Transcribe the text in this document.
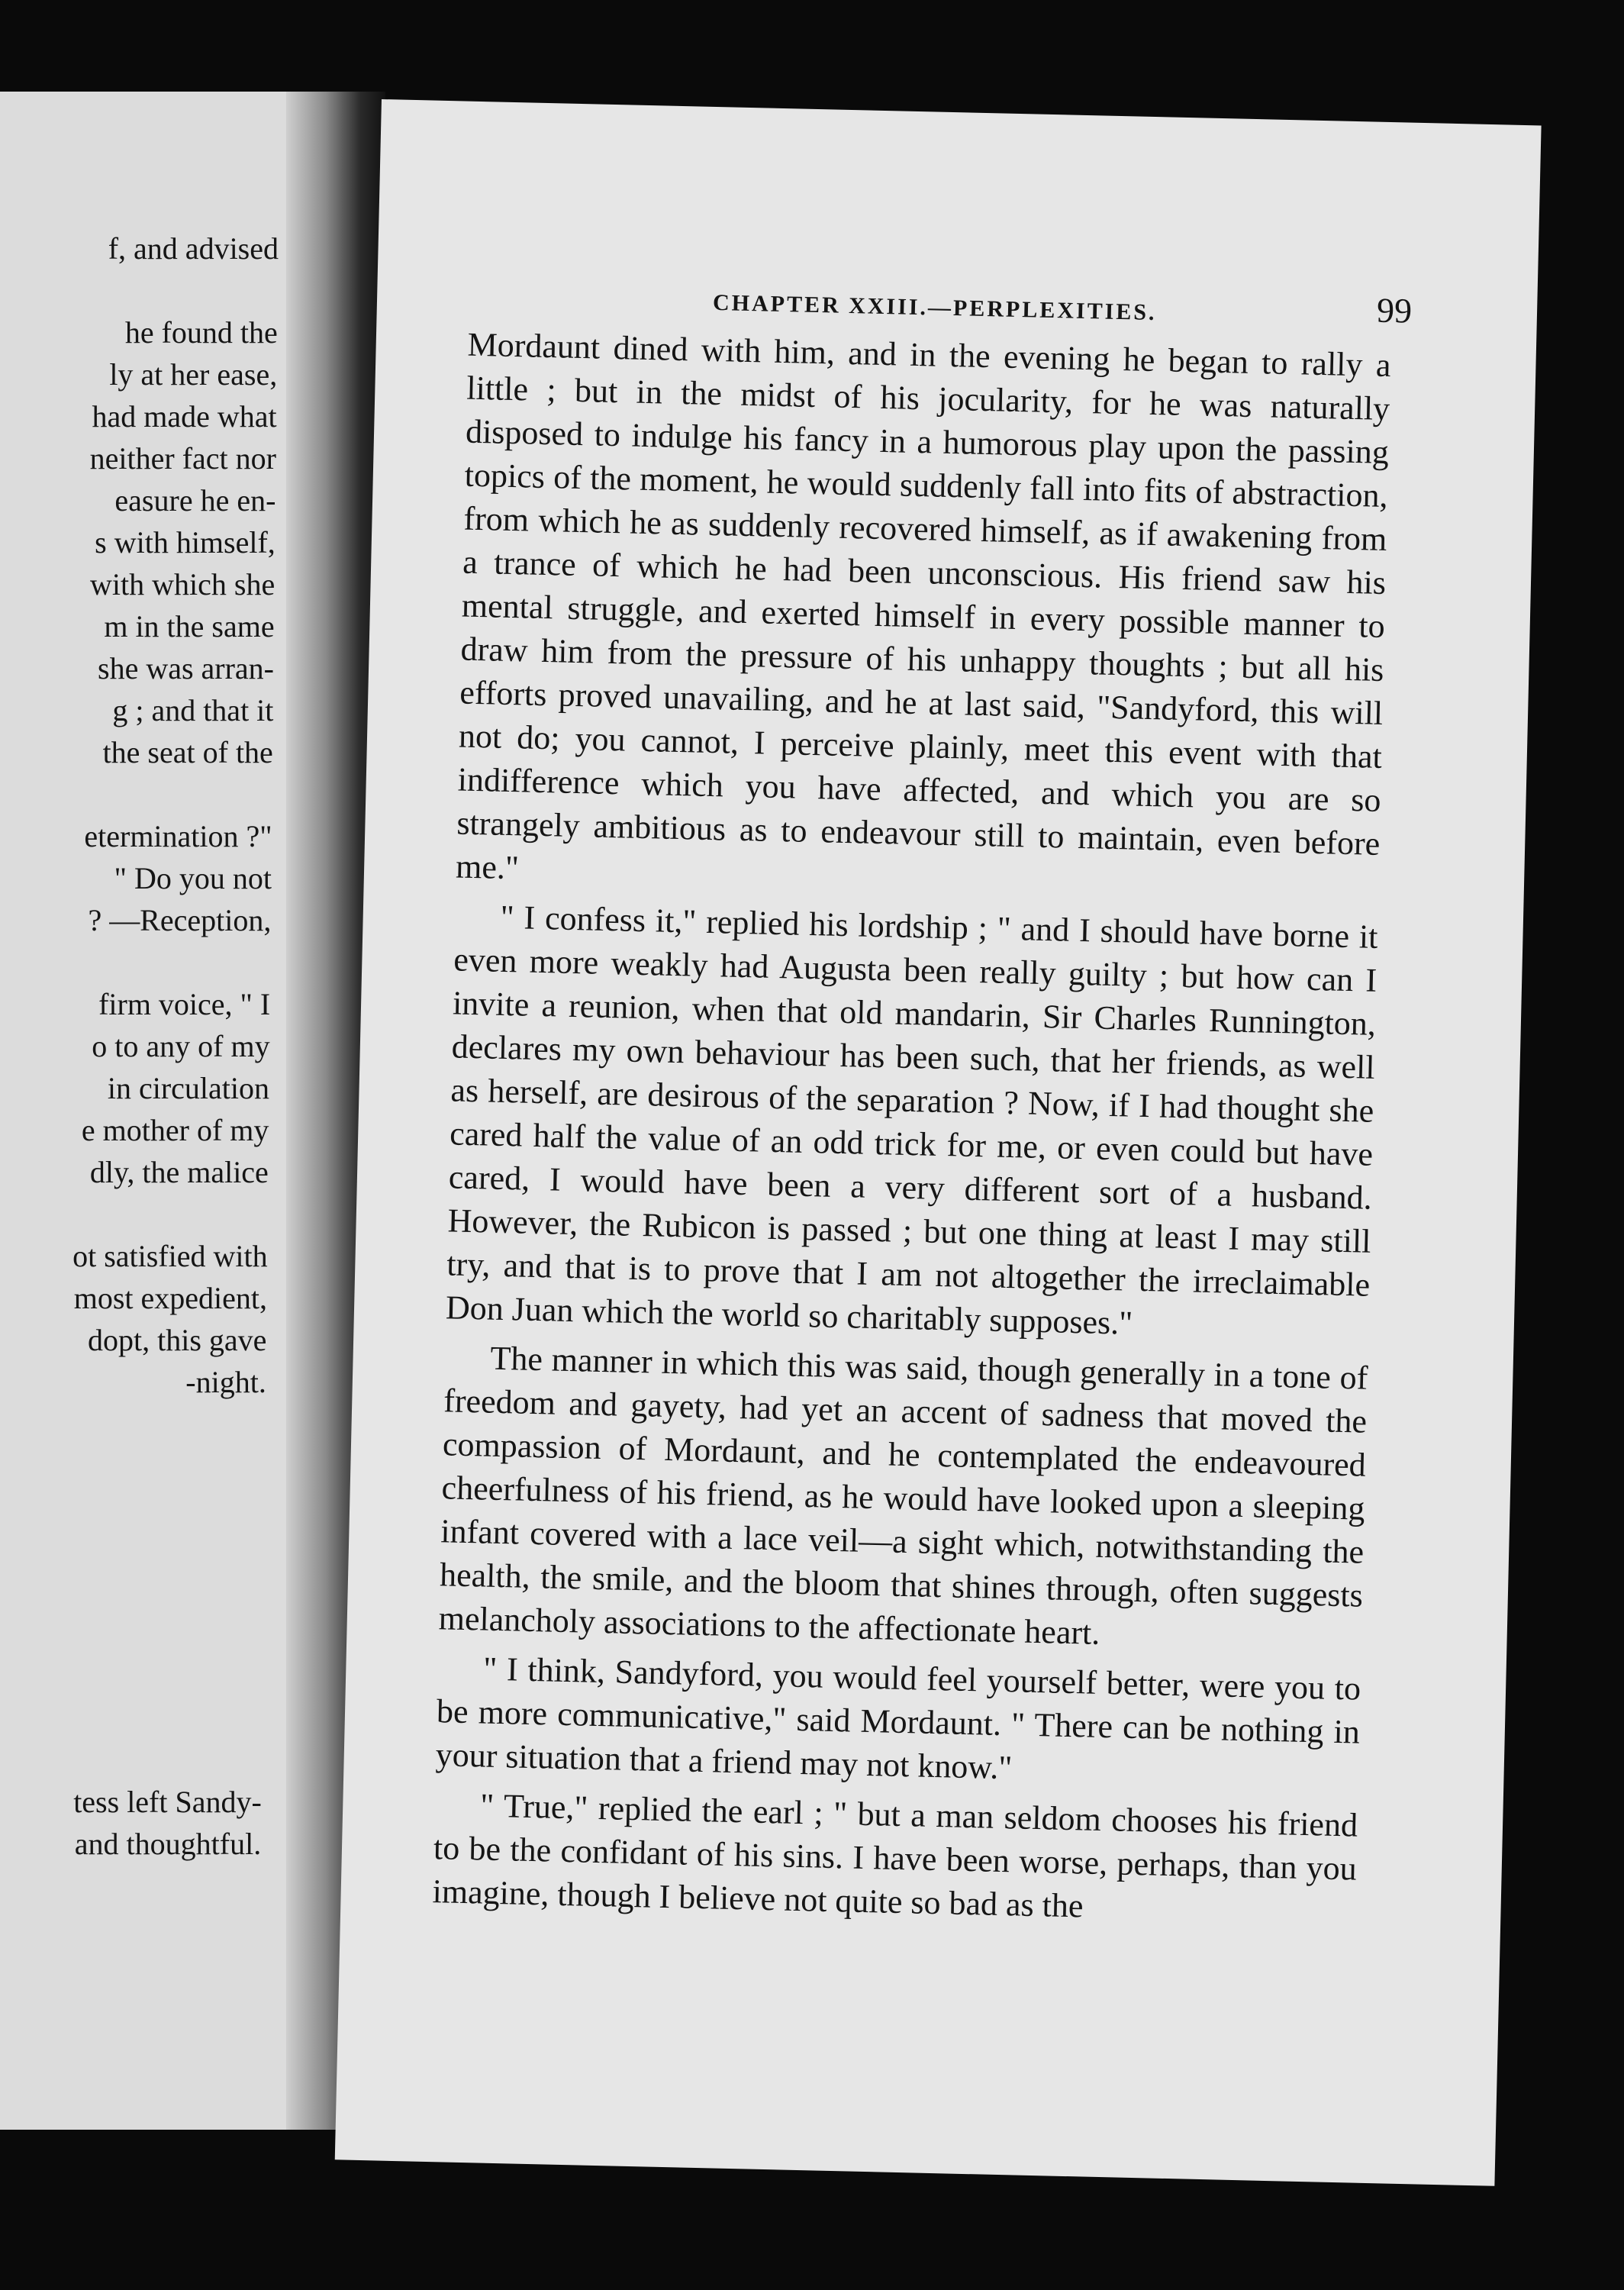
f, and advised
he found the
ly at her ease,
had made what
neither fact nor
easure he en-
s with himself,
with which she
m in the same
she was arran-
g ; and that it
the seat of the
etermination ?"
" Do you not
? —Reception,
firm voice, " I
o to any of my
in circulation
e mother of my
dly, the malice
ot satisfied with
most expedient,
dopt, this gave
-night.
tess left Sandy-
and thoughtful.
CHAPTER XXIII.—PERPLEXITIES.	99

Mordaunt dined with him, and in the evening he began to rally a little ; but in the midst of his jocularity, for he was naturally disposed to indulge his fancy in a humorous play upon the passing topics of the moment, he would suddenly fall into fits of abstraction, from which he as suddenly recovered himself, as if awakening from a trance of which he had been unconscious. His friend saw his mental struggle, and exerted himself in every possible manner to draw him from the pressure of his unhappy thoughts ; but all his efforts proved unavailing, and he at last said, "Sandyford, this will not do; you cannot, I perceive plainly, meet this event with that indifference which you have affected, and which you are so strangely ambitious as to endeavour still to maintain, even before me."

" I confess it," replied his lordship ; " and I should have borne it even more weakly had Augusta been really guilty ; but how can I invite a reunion, when that old mandarin, Sir Charles Runnington, declares my own behaviour has been such, that her friends, as well as herself, are desirous of the separation ? Now, if I had thought she cared half the value of an odd trick for me, or even could but have cared, I would have been a very different sort of a husband. However, the Rubicon is passed ; but one thing at least I may still try, and that is to prove that I am not altogether the irreclaimable Don Juan which the world so charitably supposes."

The manner in which this was said, though generally in a tone of freedom and gayety, had yet an accent of sadness that moved the compassion of Mordaunt, and he contemplated the endeavoured cheerfulness of his friend, as he would have looked upon a sleeping infant covered with a lace veil—a sight which, notwithstanding the health, the smile, and the bloom that shines through, often suggests melancholy associations to the affectionate heart.

" I think, Sandyford, you would feel yourself better, were you to be more communicative," said Mordaunt. " There can be nothing in your situation that a friend may not know."

" True," replied the earl ; " but a man seldom chooses his friend to be the confidant of his sins. I have been worse, perhaps, than you imagine, though I believe not quite so bad as the
